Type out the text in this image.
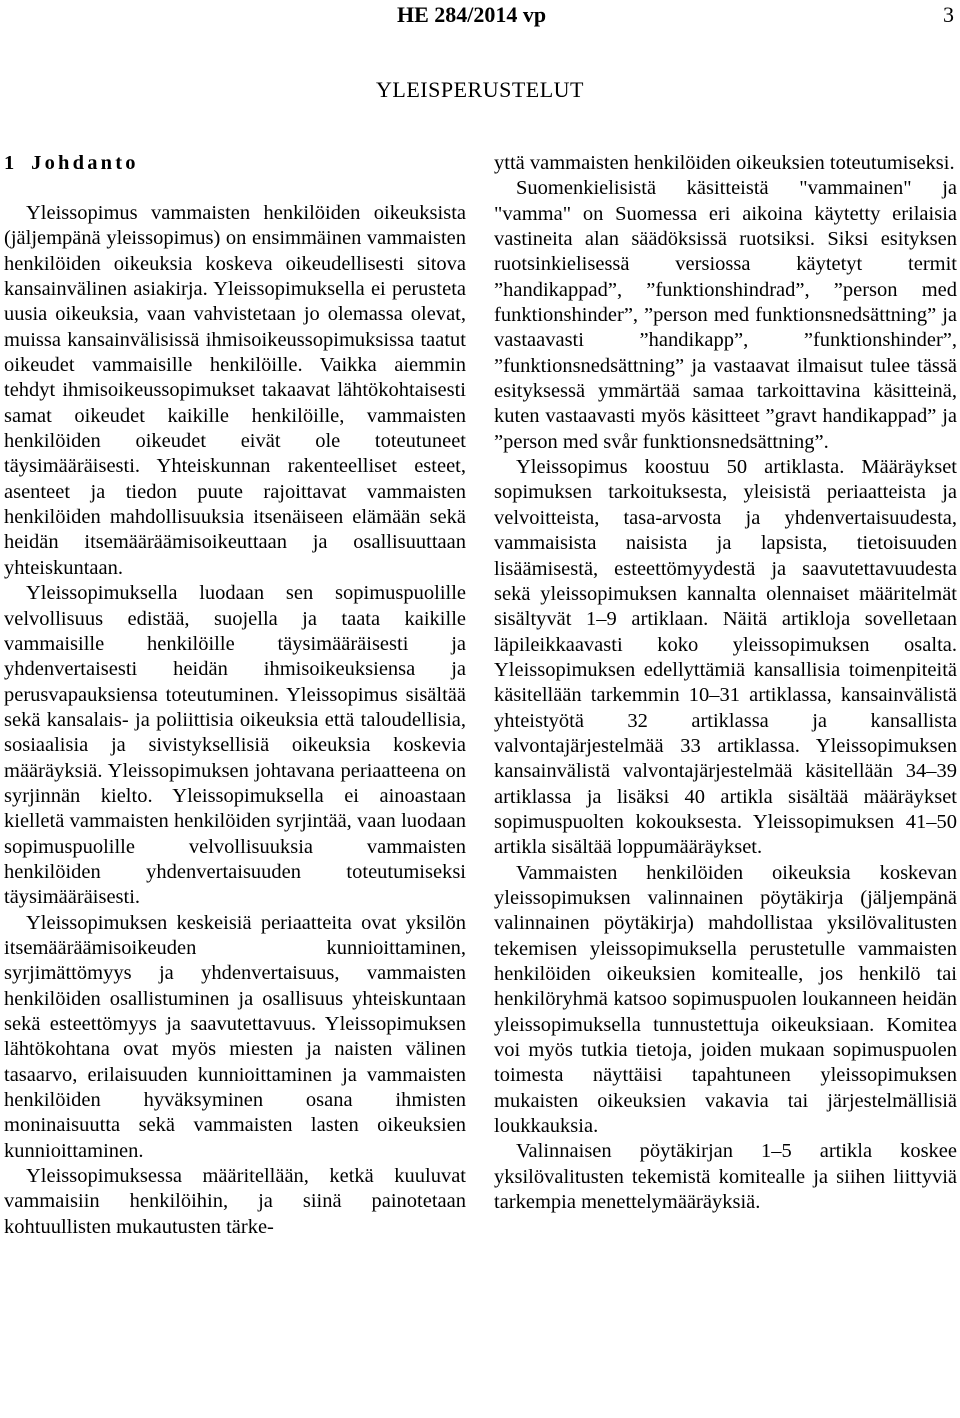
HE 284/2014 vp	3
YLEISPERUSTELUT
1 Johdanto

Yleissopimus vammaisten henkilöiden oikeuksista (jäljempänä yleissopimus) on ensimmäinen vammaisten henkilöiden oikeuksia koskeva oikeudellisesti sitova kansainvälinen asiakirja. Yleissopimuksella ei perusteta uusia oikeuksia, vaan vahvistetaan jo olemassa olevat, muissa kansainvälisissä ihmisoikeussopimuksissa taatut oikeudet vammaisille henkilöille. Vaikka aiemmin tehdyt ihmisoikeussopimukset takaavat lähtökohtaisesti samat oikeudet kaikille henkilöille, vammaisten henkilöiden oikeudet eivät ole toteutuneet täysimääräisesti. Yhteiskunnan rakenteelliset esteet, asenteet ja tiedon puute rajoittavat vammaisten henkilöiden mahdollisuuksia itsenäiseen elämään sekä heidän itsemääräämisoikeuttaan ja osallisuuttaan yhteiskuntaan.

Yleissopimuksella luodaan sen sopimuspuolille velvollisuus edistää, suojella ja taata kaikille vammaisille henkilöille täysimääräisesti ja yhdenvertaisesti heidän ihmisoikeuksiensa ja perusvapauksiensa toteutuminen. Yleissopimus sisältää sekä kansalais- ja poliittisia oikeuksia että taloudellisia, sosiaalisia ja sivistyksellisiä oikeuksia koskevia määräyksiä. Yleissopimuksen johtavana periaatteena on syrjinnän kielto. Yleissopimuksella ei ainoastaan kielletä vammaisten henkilöiden syrjintää, vaan luodaan sopimuspuolille velvollisuuksia vammaisten henkilöiden yhdenvertaisuuden toteutumiseksi täysimääräisesti.

Yleissopimuksen keskeisiä periaatteita ovat yksilön itsemääräämisoikeuden kunnioittaminen, syrjimättömyys ja yhdenvertaisuus, vammaisten henkilöiden osallistuminen ja osallisuus yhteiskuntaan sekä esteettömyys ja saavutettavuus. Yleissopimuksen lähtökohtana ovat myös miesten ja naisten välinen tasaarvo, erilaisuuden kunnioittaminen ja vammaisten henkilöiden hyväksyminen osana ihmisten moninaisuutta sekä vammaisten lasten oikeuksien kunnioittaminen.

Yleissopimuksessa määritellään, ketkä kuuluvat vammaisiin henkilöihin, ja siinä painotetaan kohtuullisten mukautusten tärke-

yttä vammaisten henkilöiden oikeuksien toteutumiseksi.

Suomenkielisistä käsitteistä "vammainen" ja "vamma" on Suomessa eri aikoina käytetty erilaisia vastineita alan säädöksissä ruotsiksi. Siksi esityksen ruotsinkielisessä versiossa käytetyt termit ”handikappad”, ”funktionshindrad”, ”person med funktionshinder”, ”person med funktionsnedsättning” ja vastaavasti ”handikapp”, ”funktionshinder”, ”funktionsnedsättning” ja vastaavat ilmaisut tulee tässä esityksessä ymmärtää samaa tarkoittavina käsitteinä, kuten vastaavasti myös käsitteet ”gravt handikappad” ja ”person med svår funktionsnedsättning”.

Yleissopimus koostuu 50 artiklasta. Määräykset sopimuksen tarkoituksesta, yleisistä periaatteista ja velvoitteista, tasa-arvosta ja yhdenvertaisuudesta, vammaisista naisista ja lapsista, tietoisuuden lisäämisestä, esteettömyydestä ja saavutettavuudesta sekä yleissopimuksen kannalta olennaiset määritelmät sisältyvät 1–9 artiklaan. Näitä artikloja sovelletaan läpileikkaavasti koko yleissopimuksen osalta. Yleissopimuksen edellyttämiä kansallisia toimenpiteitä käsitellään tarkemmin 10–31 artiklassa, kansainvälistä yhteistyötä 32 artiklassa ja kansallista valvontajärjestelmää 33 artiklassa. Yleissopimuksen kansainvälistä valvontajärjestelmää käsitellään 34–39 artiklassa ja lisäksi 40 artikla sisältää määräykset sopimuspuolten kokouksesta. Yleissopimuksen 41–50 artikla sisältää loppumääräykset.

Vammaisten henkilöiden oikeuksia koskevan yleissopimuksen valinnainen pöytäkirja (jäljempänä valinnainen pöytäkirja) mahdollistaa yksilövalitusten tekemisen yleissopimuksella perustetulle vammaisten henkilöiden oikeuksien komitealle, jos henkilö tai henkilöryhmä katsoo sopimuspuolen loukanneen heidän yleissopimuksella tunnustettuja oikeuksiaan. Komitea voi myös tutkia tietoja, joiden mukaan sopimuspuolen toimesta näyttäisi tapahtuneen yleissopimuksen mukaisten oikeuksien vakavia tai järjestelmällisiä loukkauksia.

Valinnaisen pöytäkirjan 1–5 artikla koskee yksilövalitusten tekemistä komitealle ja siihen liittyviä tarkempia menettelymääräyksiä.
